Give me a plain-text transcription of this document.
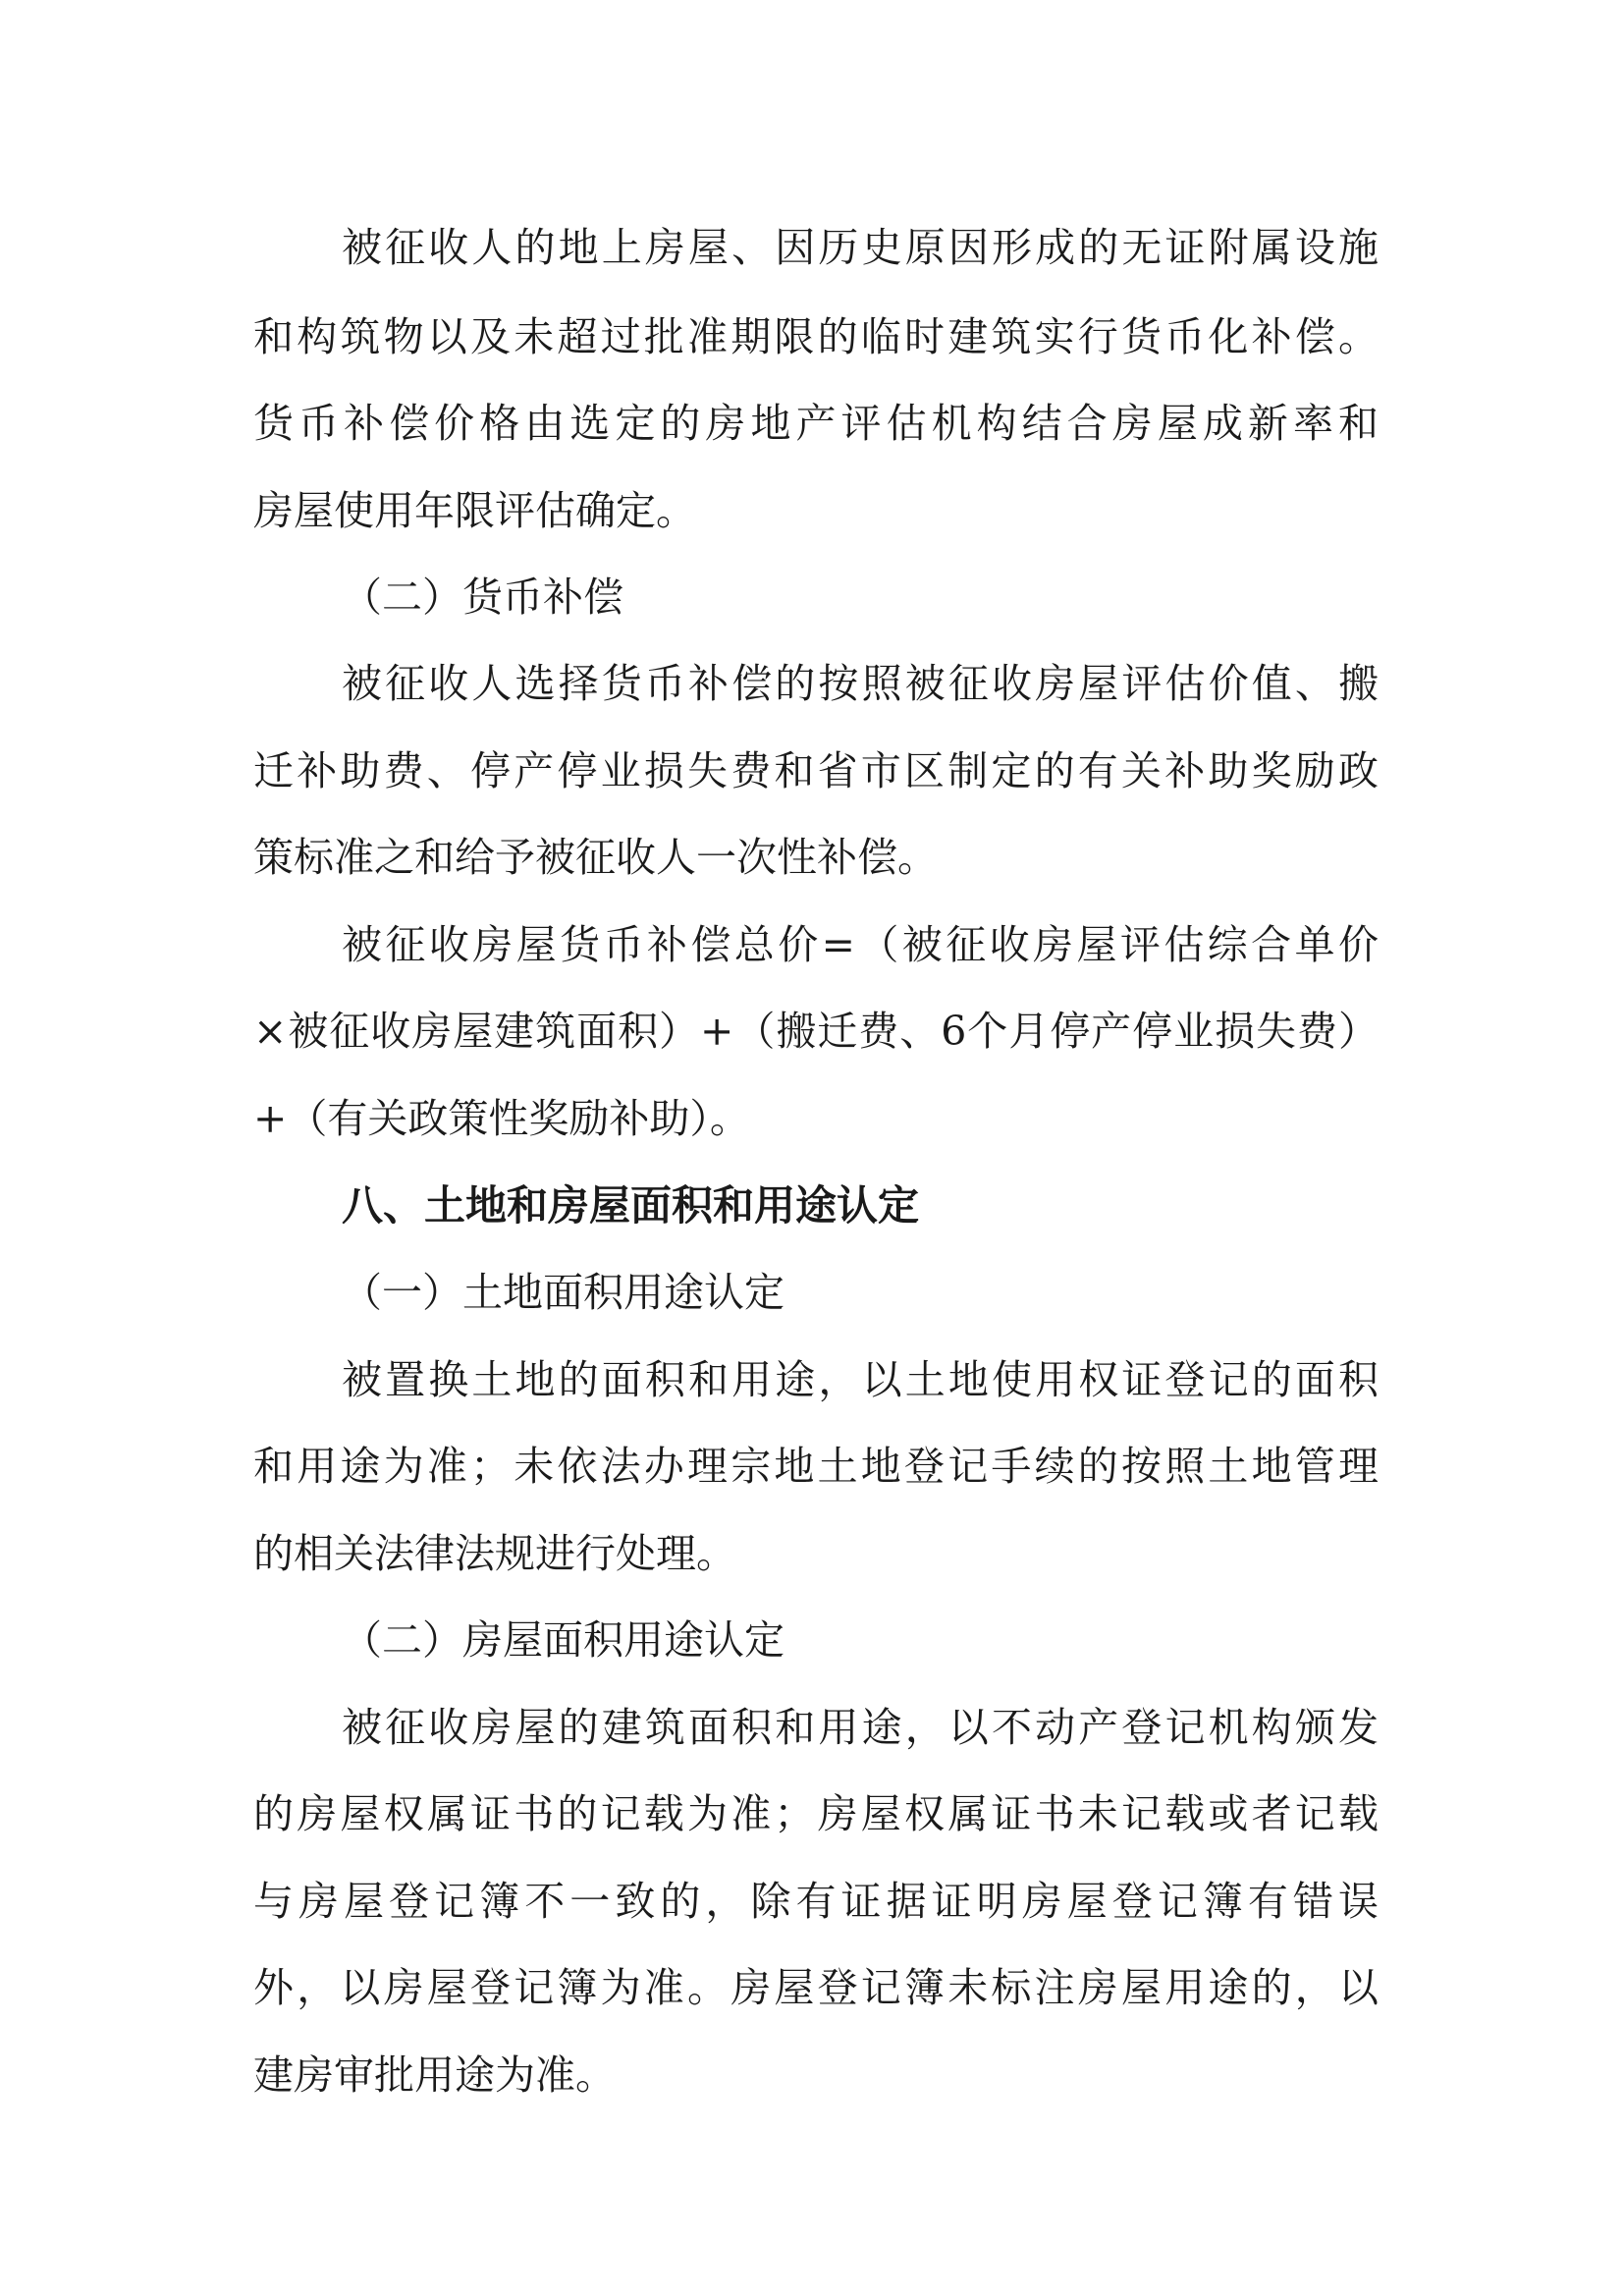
被征收人的地上房屋、因历史原因形成的无证附属设施
和构筑物以及未超过批准期限的临时建筑实行货币化补偿。
货币补偿价格由选定的房地产评估机构结合房屋成新率和
房屋使用年限评估确定。
（二）货币补偿
被征收人选择货币补偿的按照被征收房屋评估价值、搬
迁补助费、停产停业损失费和省市区制定的有关补助奖励政
策标准之和给予被征收人一次性补偿。
被征收房屋货币补偿总价=（被征收房屋评估综合单价
×被征收房屋建筑面积）+（搬迁费、6个月停产停业损失费）
+（有关政策性奖励补助）。
八、土地和房屋面积和用途认定
（一）土地面积用途认定
被置换土地的面积和用途，以土地使用权证登记的面积
和用途为准；未依法办理宗地土地登记手续的按照土地管理
的相关法律法规进行处理。
（二）房屋面积用途认定
被征收房屋的建筑面积和用途，以不动产登记机构颁发
的房屋权属证书的记载为准；房屋权属证书未记载或者记载
与房屋登记簿不一致的，除有证据证明房屋登记簿有错误
外，以房屋登记簿为准。房屋登记簿未标注房屋用途的，以
建房审批用途为准。
